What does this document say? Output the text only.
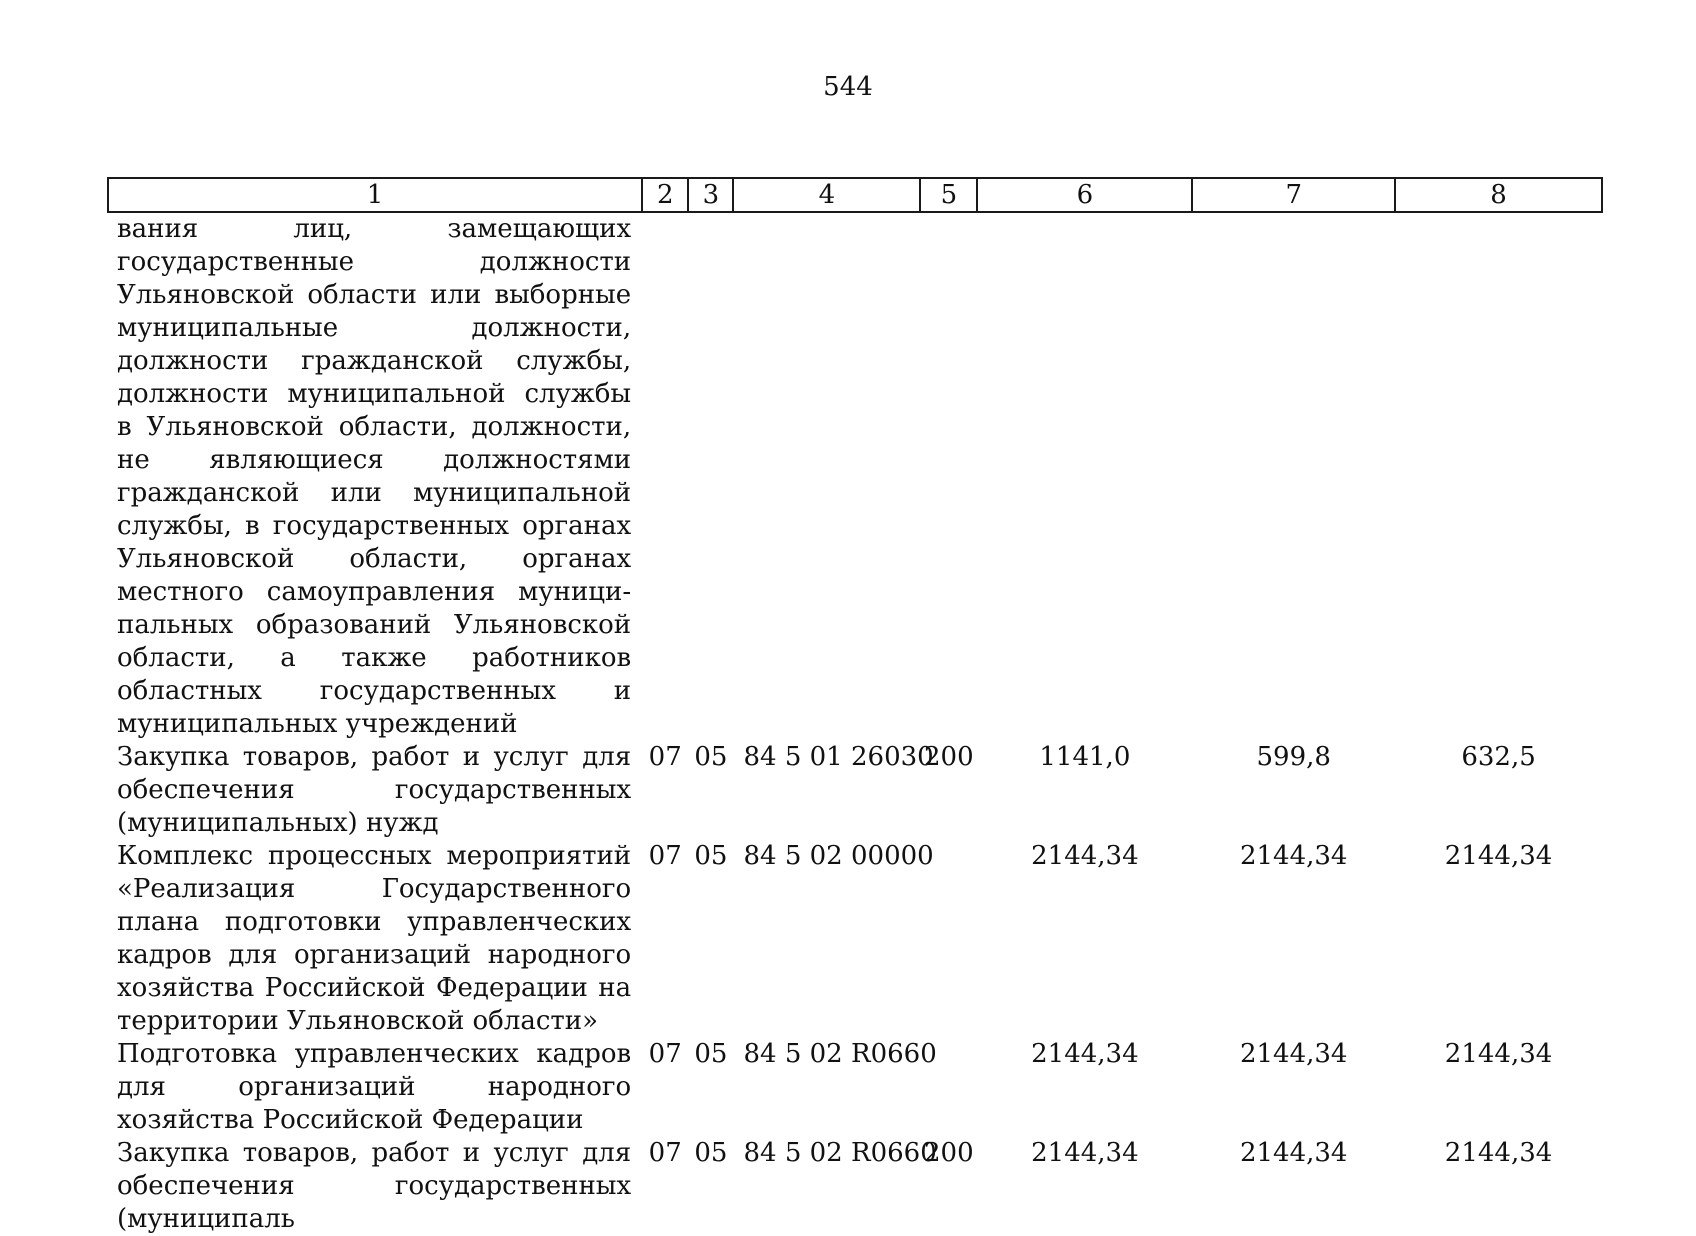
544
1	2	3	4	5	6	7	8
вания лиц, замещающих государственные должности Ульяновской области или выборные муниципальные должности, должности гражданской службы, должности муниципальной службы в Ульяновской области, должности, не являющиеся должностями гражданской или муниципальной службы, в государственных органах Ульяновской области, органах местного самоуправления муниципальных образований Ульяновской области, а также работников областных государственных и муниципальных учреждений							
Закупка товаров, работ и услуг для обеспечения государственных (муниципальных) нужд	07	05	84 5 01 26030	200	1141,0	599,8	632,5
Комплекс процессных мероприятий «Реализация Государственного плана подготовки управленческих кадров для организаций народного хозяйства Российской Федерации на территории Ульяновской области»	07	05	84 5 02 00000		2144,34	2144,34	2144,34
Подготовка управленческих кадров для организаций народного хозяйства Российской Федерации	07	05	84 5 02 R0660		2144,34	2144,34	2144,34
Закупка товаров, работ и услуг для обеспечения государственных (муниципаль	07	05	84 5 02 R0660	200	2144,34	2144,34	2144,34
